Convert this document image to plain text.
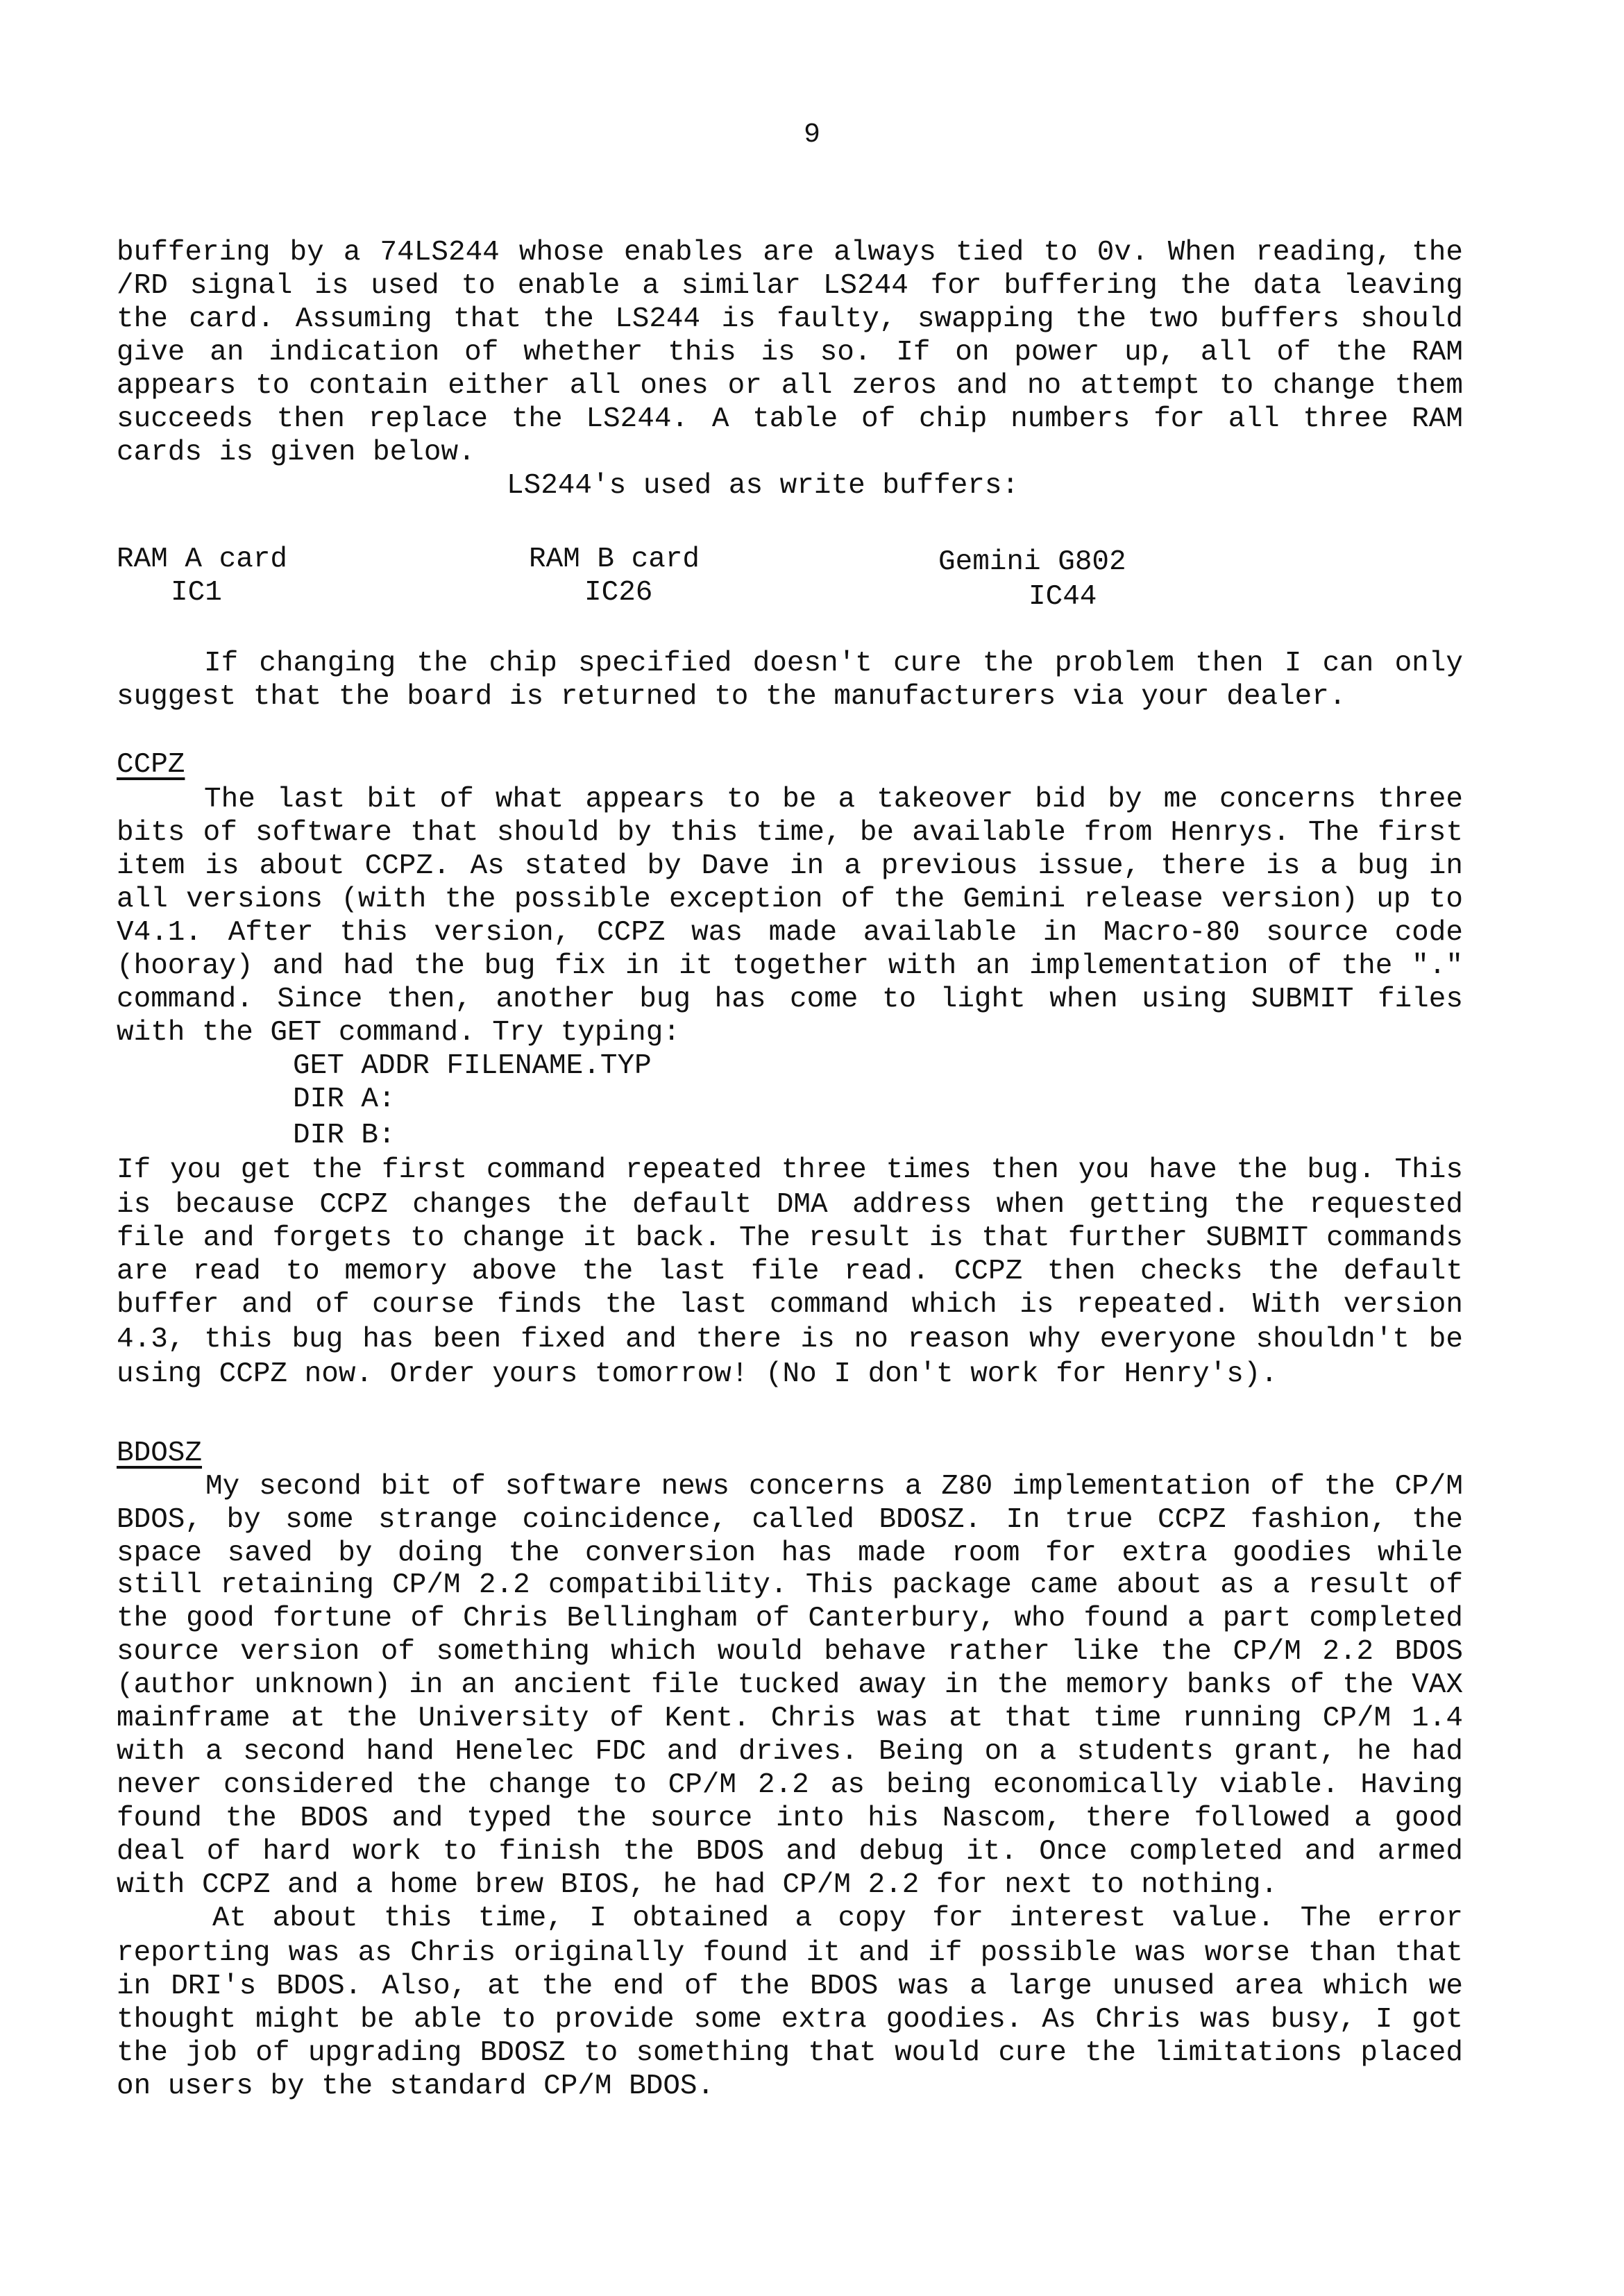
9
buffering by a 74LS244 whose enables are always tied to 0v. When reading, the
/RD signal is used to enable a similar LS244 for buffering the data leaving
the card. Assuming that the LS244 is faulty, swapping the two buffers should
give an indication of whether this is so. If on power up, all of the RAM
appears to contain either all ones or all zeros and no attempt to change them
succeeds then replace the LS244. A table of chip numbers for all three RAM
cards is given below.
LS244's used as write buffers:
RAM A card
IC1
RAM B card
IC26
Gemini G802
IC44
If changing the chip specified doesn't cure the problem then I can only
suggest that the board is returned to the manufacturers via your dealer.
CCPZ
The last bit of what appears to be a takeover bid by me concerns three
bits of software that should by this time, be available from Henrys. The first
item is about CCPZ. As stated by Dave in a previous issue, there is a bug in
all versions (with the possible exception of the Gemini release version) up to
V4.1. After this version, CCPZ was made available in Macro-80 source code
(hooray) and had the bug fix in it together with an implementation of the "."
command. Since then, another bug has come to light when using SUBMIT files
with the GET command. Try typing:
GET ADDR FILENAME.TYP
DIR A:
DIR B:
If you get the first command repeated three times then you have the bug. This
is because CCPZ changes the default DMA address when getting the requested
file and forgets to change it back. The result is that further SUBMIT commands
are read to memory above the last file read. CCPZ then checks the default
buffer and of course finds the last command which is repeated. With version
4.3, this bug has been fixed and there is no reason why everyone shouldn't be
using CCPZ now. Order yours tomorrow! (No I don't work for Henry's).
BDOSZ
My second bit of software news concerns a Z80 implementation of the CP/M
BDOS, by some strange coincidence, called BDOSZ. In true CCPZ fashion, the
space saved by doing the conversion has made room for extra goodies while
still retaining CP/M 2.2 compatibility. This package came about as a result of
the good fortune of Chris Bellingham of Canterbury, who found a part completed
source version of something which would behave rather like the CP/M 2.2 BDOS
(author unknown) in an ancient file tucked away in the memory banks of the VAX
mainframe at the University of Kent. Chris was at that time running CP/M 1.4
with a second hand Henelec FDC and drives. Being on a students grant, he had
never considered the change to CP/M 2.2 as being economically viable. Having
found the BDOS and typed the source into his Nascom, there followed a good
deal of hard work to finish the BDOS and debug it. Once completed and armed
with CCPZ and a home brew BIOS, he had CP/M 2.2 for next to nothing.
At about this time, I obtained a copy for interest value. The error
reporting was as Chris originally found it and if possible was worse than that
in DRI's BDOS. Also, at the end of the BDOS was a large unused area which we
thought might be able to provide some extra goodies. As Chris was busy, I got
the job of upgrading BDOSZ to something that would cure the limitations placed
on users by the standard CP/M BDOS.
